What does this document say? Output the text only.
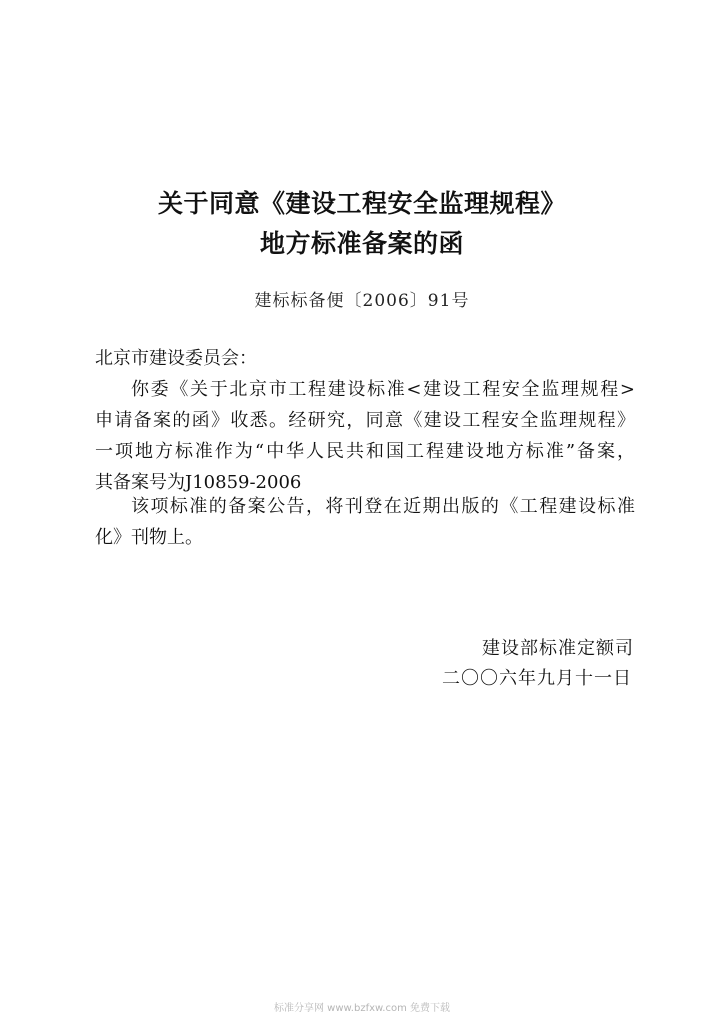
关于同意《建设工程安全监理规程》
地方标准备案的函
建标标备便〔2006〕91号
北京市建设委员会：
你委《关于北京市工程建设标准<建设工程安全监理规程>
申请备案的函》收悉。经研究，同意《建设工程安全监理规程》
一项地方标准作为“中华人民共和国工程建设地方标准”备案，
其备案号为J10859-2006
该项标准的备案公告，将刊登在近期出版的《工程建设标准
化》刊物上。
建设部标准定额司
二〇〇六年九月十一日
标准分享网 www.bzfxw.com 免费下载
